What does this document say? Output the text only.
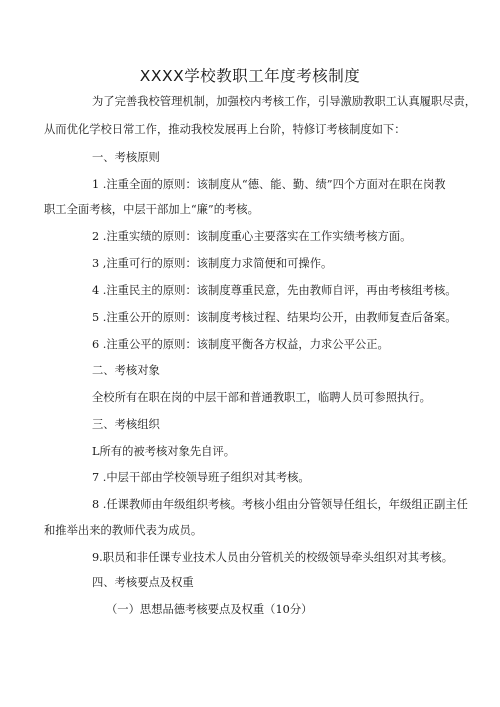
XXXX学校教职工年度考核制度
为了完善我校管理机制，加强校内考核工作，引导激励教职工认真履职尽责，
从而优化学校日常工作，推动我校发展再上台阶，特修订考核制度如下：
一、考核原则
1 .注重全面的原则：该制度从“德、能、勤、绩”四个方面对在职在岗教
职工全面考核，中层干部加上“廉”的考核。
2 .注重实绩的原则：该制度重心主要落实在工作实绩考核方面。
3 ,注重可行的原则：该制度力求简便和可操作。
4 .注重民主的原则：该制度尊重民意，先由教师自评，再由考核组考核。
5 .注重公开的原则：该制度考核过程、结果均公开，由教师复查后备案。
6 .注重公平的原则：该制度平衡各方权益，力求公平公正。
二、考核对象
全校所有在职在岗的中层干部和普通教职工，临聘人员可参照执行。
三、考核组织
L所有的被考核对象先自评。
7 .中层干部由学校领导班子组织对其考核。
8 .任课教师由年级组织考核。考核小组由分管领导任组长，年级组正副主任
和推举出来的教师代表为成员。
9.职员和非任课专业技术人员由分管机关的校级领导牵头组织对其考核。
四、考核要点及权重
（一）思想品德考核要点及权重（10分）
